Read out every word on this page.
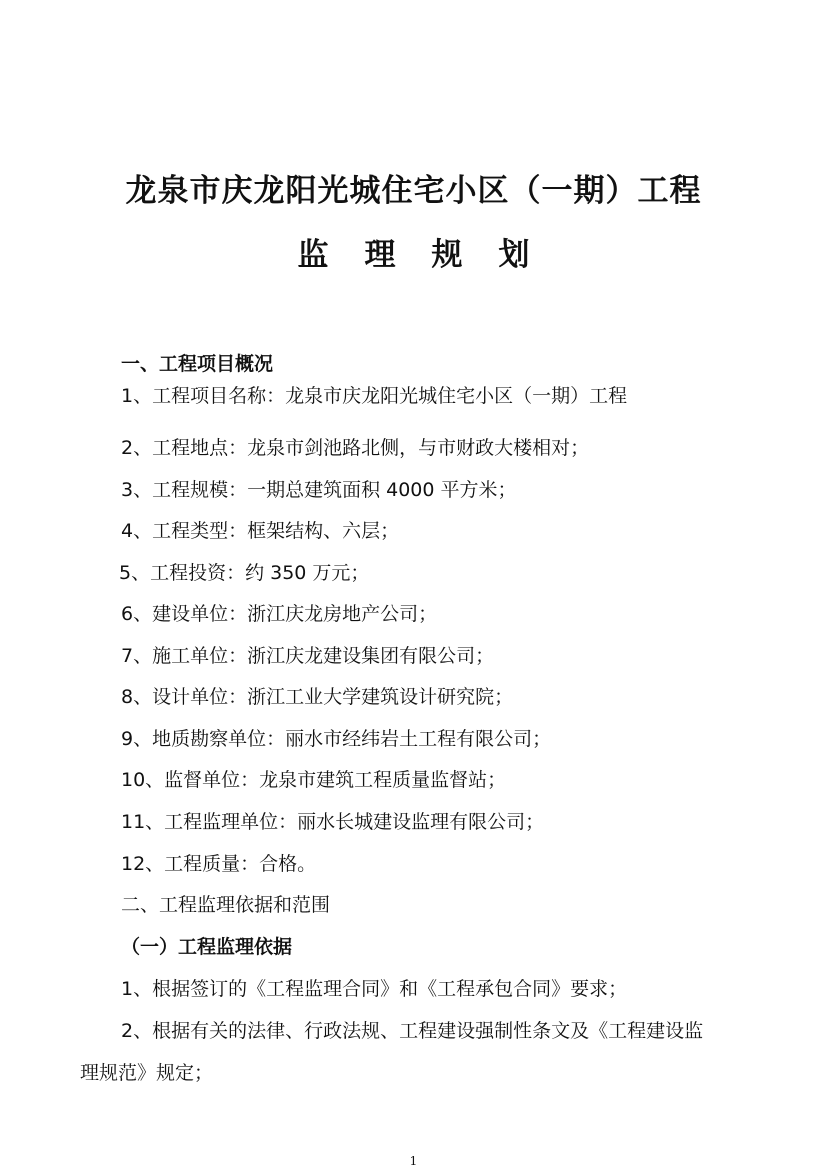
龙泉市庆龙阳光城住宅小区（一期）工程
监理规划
一、工程项目概况
1、工程项目名称：龙泉市庆龙阳光城住宅小区（一期）工程
2、工程地点：龙泉市剑池路北侧，与市财政大楼相对；
3、工程规模：一期总建筑面积 4000 平方米；
4、工程类型：框架结构、六层；
5、工程投资：约 350 万元；
6、建设单位：浙江庆龙房地产公司；
7、施工单位：浙江庆龙建设集团有限公司；
8、设计单位：浙江工业大学建筑设计研究院；
9、地质勘察单位：丽水市经纬岩土工程有限公司；
10、监督单位：龙泉市建筑工程质量监督站；
11、工程监理单位：丽水长城建设监理有限公司；
12、工程质量：合格。
二、工程监理依据和范围
（一）工程监理依据
1、根据签订的《工程监理合同》和《工程承包合同》要求；
2、根据有关的法律、行政法规、工程建设强制性条文及《工程建设监
理规范》规定；
1
